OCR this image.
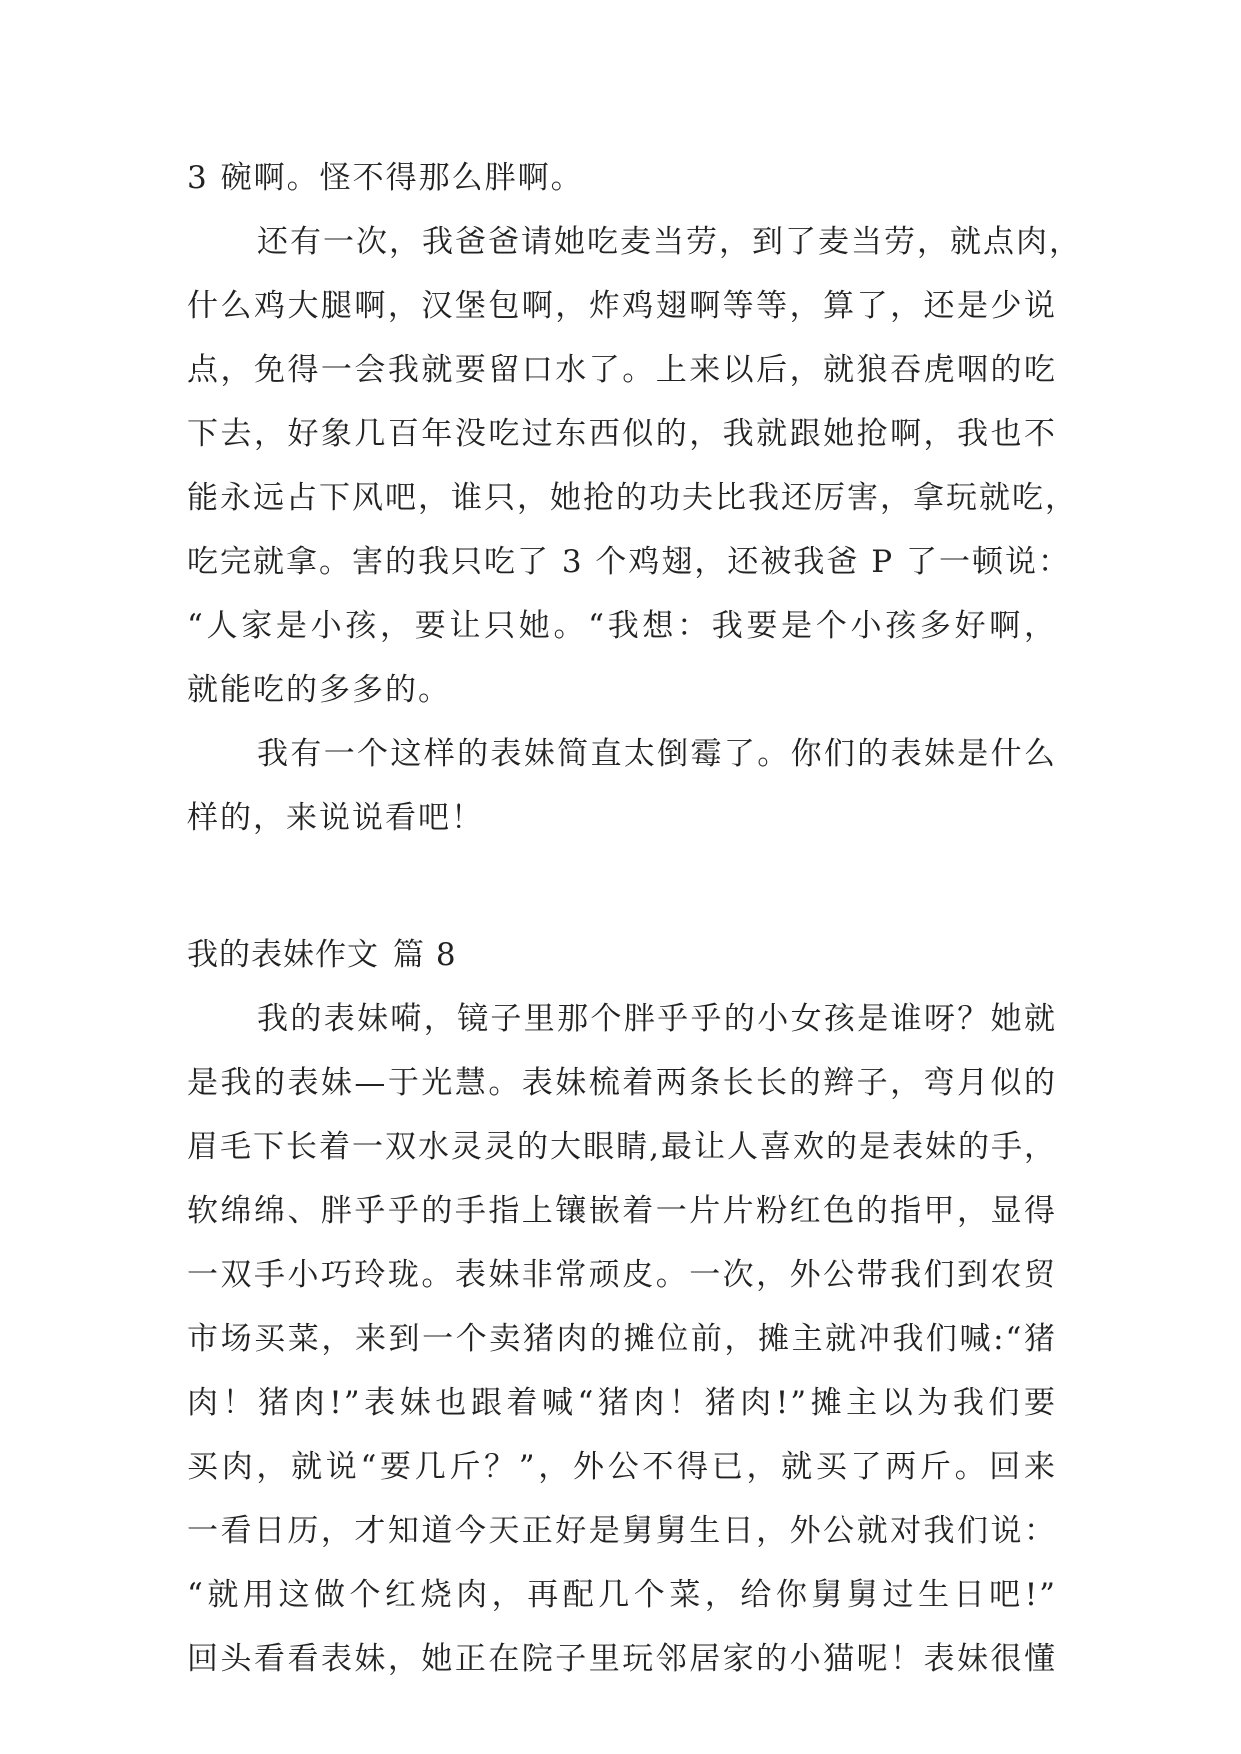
3 碗啊。怪不得那么胖啊。
还有一次，我爸爸请她吃麦当劳，到了麦当劳，就点肉，
什么鸡大腿啊，汉堡包啊，炸鸡翅啊等等，算了，还是少说
点，免得一会我就要留口水了。上来以后，就狼吞虎咽的吃
下去，好象几百年没吃过东西似的，我就跟她抢啊，我也不
能永远占下风吧，谁只，她抢的功夫比我还厉害，拿玩就吃，
吃完就拿。害的我只吃了 3 个鸡翅，还被我爸 P 了一顿说：
“人家是小孩，要让只她。“我想：我要是个小孩多好啊，
就能吃的多多的。
我有一个这样的表妹简直太倒霉了。你们的表妹是什么
样的，来说说看吧！
我的表妹作文 篇 8
我的表妹嗬，镜子里那个胖乎乎的小女孩是谁呀？她就
是我的表妹—于光慧。表妹梳着两条长长的辫子，弯月似的
眉毛下长着一双水灵灵的大眼睛,最让人喜欢的是表妹的手，
软绵绵、胖乎乎的手指上镶嵌着一片片粉红色的指甲，显得
一双手小巧玲珑。表妹非常顽皮。一次，外公带我们到农贸
市场买菜，来到一个卖猪肉的摊位前，摊主就冲我们喊:“猪
肉！猪肉!”表妹也跟着喊“猪肉！猪肉!”摊主以为我们要
买肉，就说“要几斤？”，外公不得已，就买了两斤。回来
一看日历，才知道今天正好是舅舅生日，外公就对我们说：
“就用这做个红烧肉，再配几个菜，给你舅舅过生日吧!”
回头看看表妹，她正在院子里玩邻居家的小猫呢！表妹很懂
